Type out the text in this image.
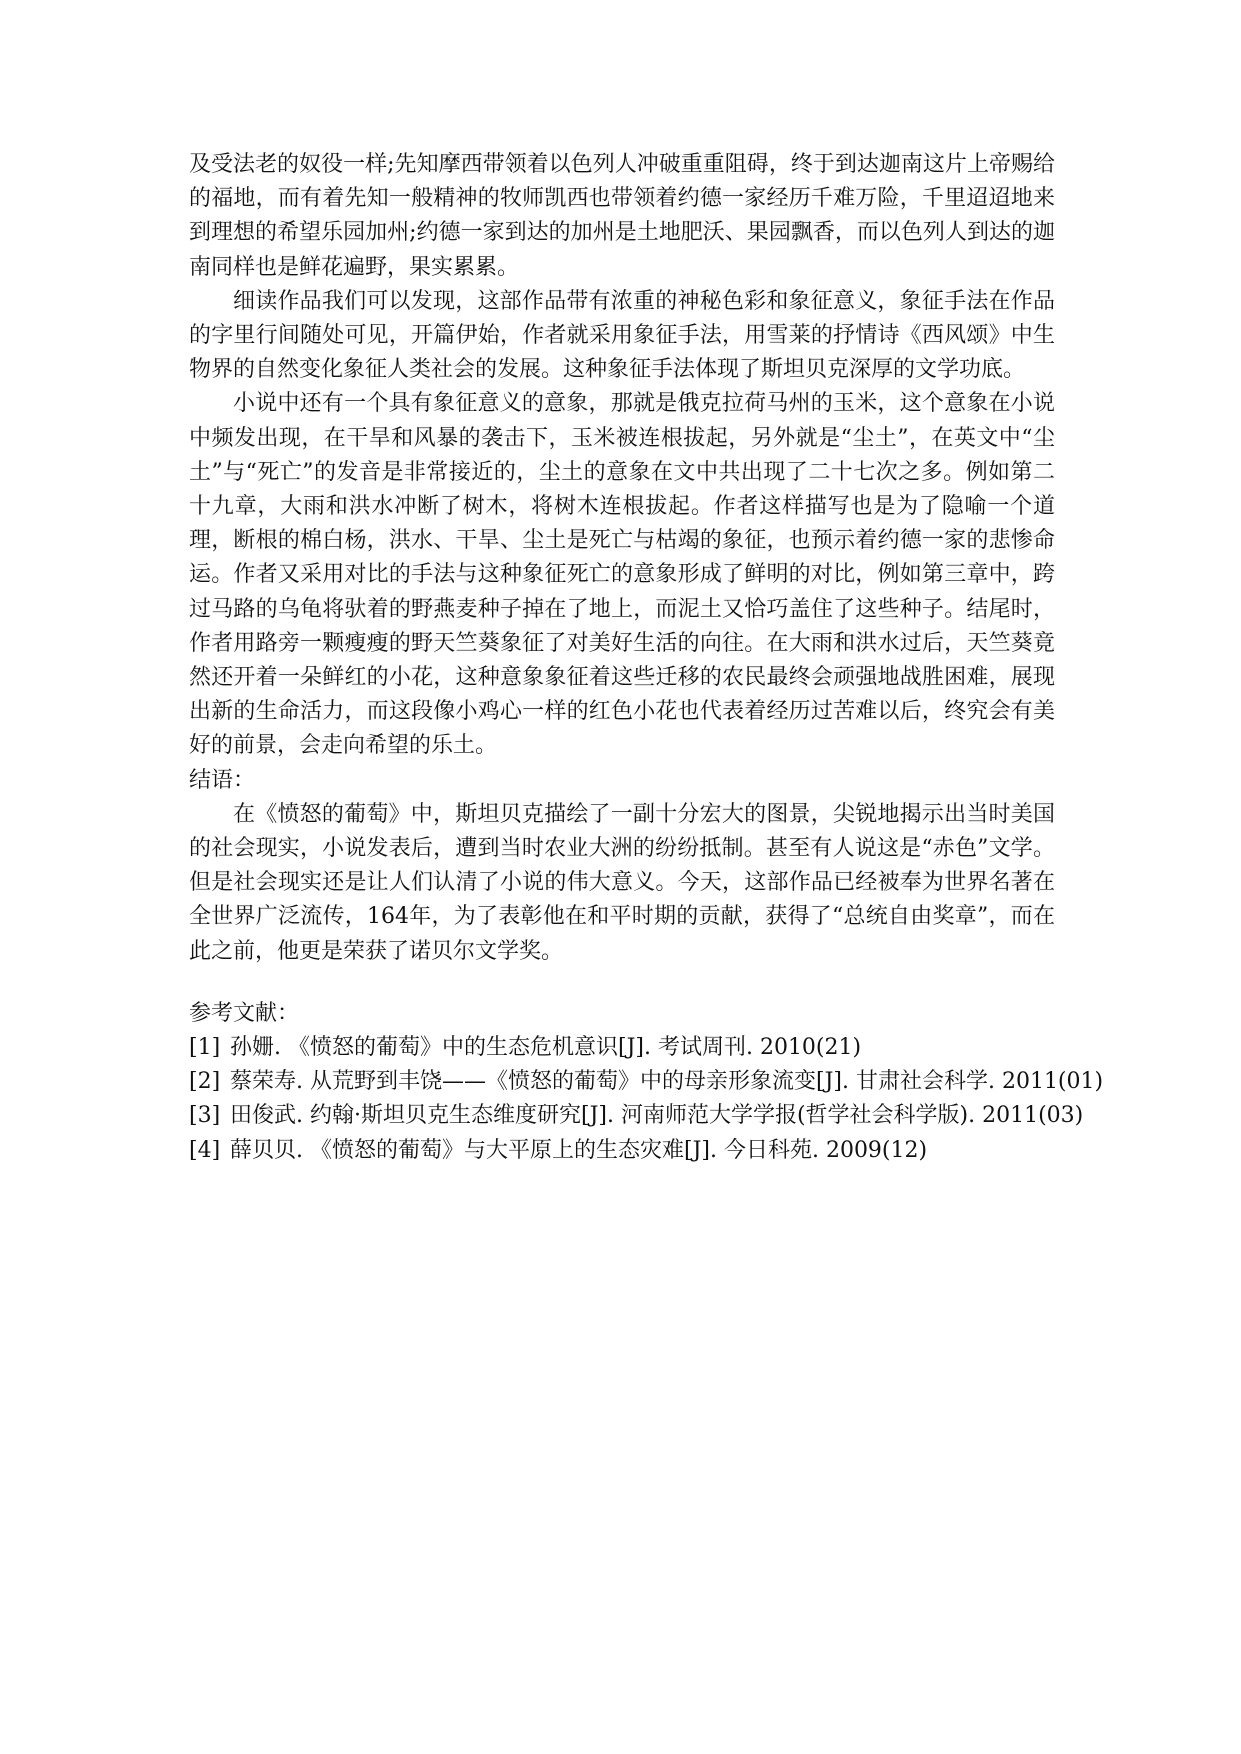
及受法老的奴役一样;先知摩西带领着以色列人冲破重重阻碍，终于到达迦南这片上帝赐给的福地，而有着先知一般精神的牧师凯西也带领着约德一家经历千难万险，千里迢迢地来到理想的希望乐园加州;约德一家到达的加州是土地肥沃、果园飘香，而以色列人到达的迦南同样也是鲜花遍野，果实累累。

细读作品我们可以发现，这部作品带有浓重的神秘色彩和象征意义，象征手法在作品的字里行间随处可见，开篇伊始，作者就采用象征手法，用雪莱的抒情诗《西风颂》中生物界的自然变化象征人类社会的发展。这种象征手法体现了斯坦贝克深厚的文学功底。

小说中还有一个具有象征意义的意象，那就是俄克拉荷马州的玉米，这个意象在小说中频发出现，在干旱和风暴的袭击下，玉米被连根拔起，另外就是“尘土”，在英文中“尘土”与“死亡”的发音是非常接近的，尘土的意象在文中共出现了二十七次之多。例如第二十九章，大雨和洪水冲断了树木，将树木连根拔起。作者这样描写也是为了隐喻一个道理，断根的棉白杨，洪水、干旱、尘土是死亡与枯竭的象征，也预示着约德一家的悲惨命运。作者又采用对比的手法与这种象征死亡的意象形成了鲜明的对比，例如第三章中，跨过马路的乌龟将驮着的野燕麦种子掉在了地上，而泥土又恰巧盖住了这些种子。结尾时，作者用路旁一颗瘦瘦的野天竺葵象征了对美好生活的向往。在大雨和洪水过后，天竺葵竟然还开着一朵鲜红的小花，这种意象象征着这些迁移的农民最终会顽强地战胜困难，展现出新的生命活力，而这段像小鸡心一样的红色小花也代表着经历过苦难以后，终究会有美好的前景，会走向希望的乐土。

结语：

在《愤怒的葡萄》中，斯坦贝克描绘了一副十分宏大的图景，尖锐地揭示出当时美国的社会现实，小说发表后，遭到当时农业大洲的纷纷抵制。甚至有人说这是“赤色”文学。但是社会现实还是让人们认清了小说的伟大意义。今天，这部作品已经被奉为世界名著在全世界广泛流传，164年，为了表彰他在和平时期的贡献，获得了“总统自由奖章”，而在此之前，他更是荣获了诺贝尔文学奖。

参考文献：

[1] 孙姗. 《愤怒的葡萄》中的生态危机意识[J]. 考试周刊. 2010(21)

[2] 蔡荣寿. 从荒野到丰饶——《愤怒的葡萄》中的母亲形象流变[J]. 甘肃社会科学. 2011(01)

[3] 田俊武. 约翰·斯坦贝克生态维度研究[J]. 河南师范大学学报(哲学社会科学版). 2011(03)

[4] 薛贝贝. 《愤怒的葡萄》与大平原上的生态灾难[J]. 今日科苑. 2009(12)
